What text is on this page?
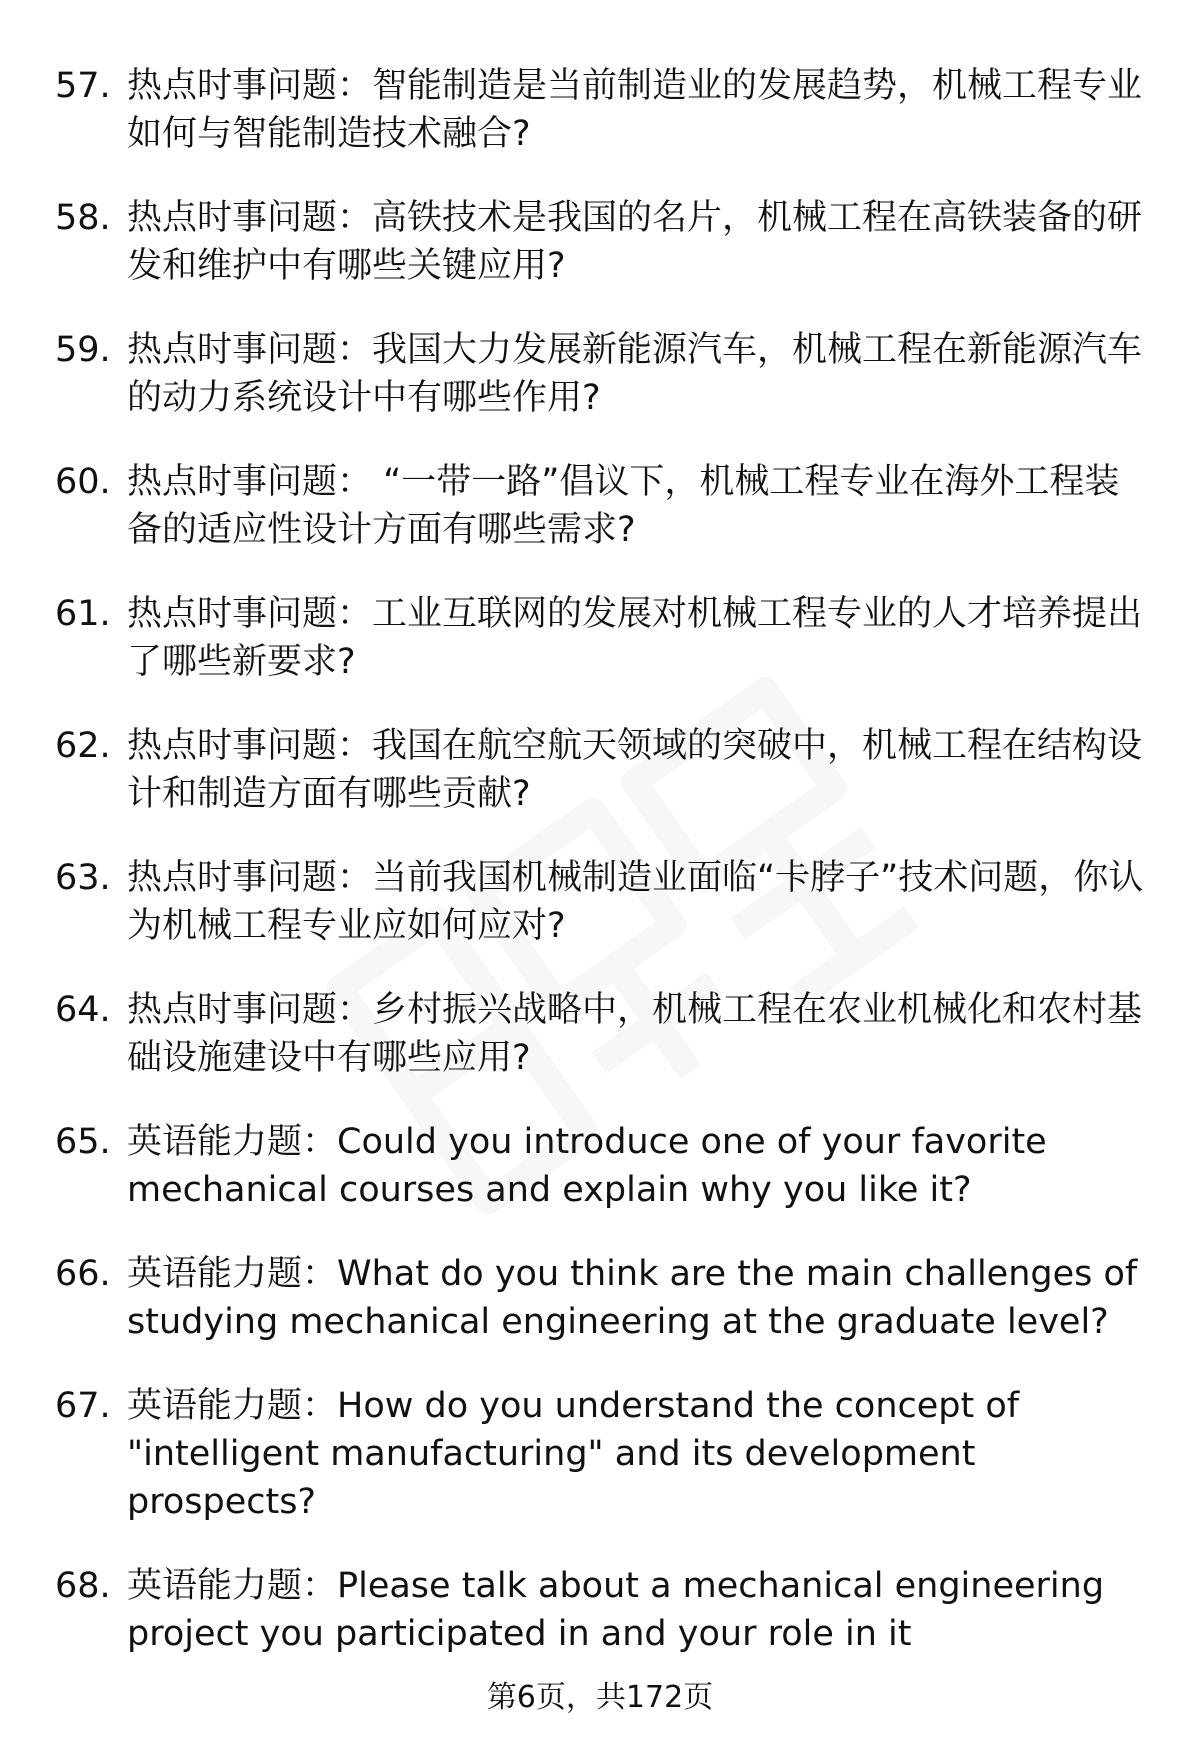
57. 热点时事问题：智能制造是当前制造业的发展趋势，机械工程专业如何与智能制造技术融合?
58. 热点时事问题：高铁技术是我国的名片，机械工程在高铁装备的研发和维护中有哪些关键应用?
59. 热点时事问题：我国大力发展新能源汽车，机械工程在新能源汽车的动力系统设计中有哪些作用?
60. 热点时事问题： “一带一路”倡议下，机械工程专业在海外工程装备的适应性设计方面有哪些需求?
61. 热点时事问题：工业互联网的发展对机械工程专业的人才培养提出了哪些新要求?
62. 热点时事问题：我国在航空航天领域的突破中，机械工程在结构设计和制造方面有哪些贡献?
63. 热点时事问题：当前我国机械制造业面临“卡脖子”技术问题，你认为机械工程专业应如何应对?
64. 热点时事问题：乡村振兴战略中，机械工程在农业机械化和农村基础设施建设中有哪些应用?
65. 英语能力题：Could you introduce one of your favorite mechanical courses and explain why you like it?
66. 英语能力题：What do you think are the main challenges of studying mechanical engineering at the graduate level?
67. 英语能力题：How do you understand the concept of "intelligent manufacturing" and its development prospects?
68. 英语能力题：Please talk about a mechanical engineering project you participated in and your role in it
第6页，共172页
